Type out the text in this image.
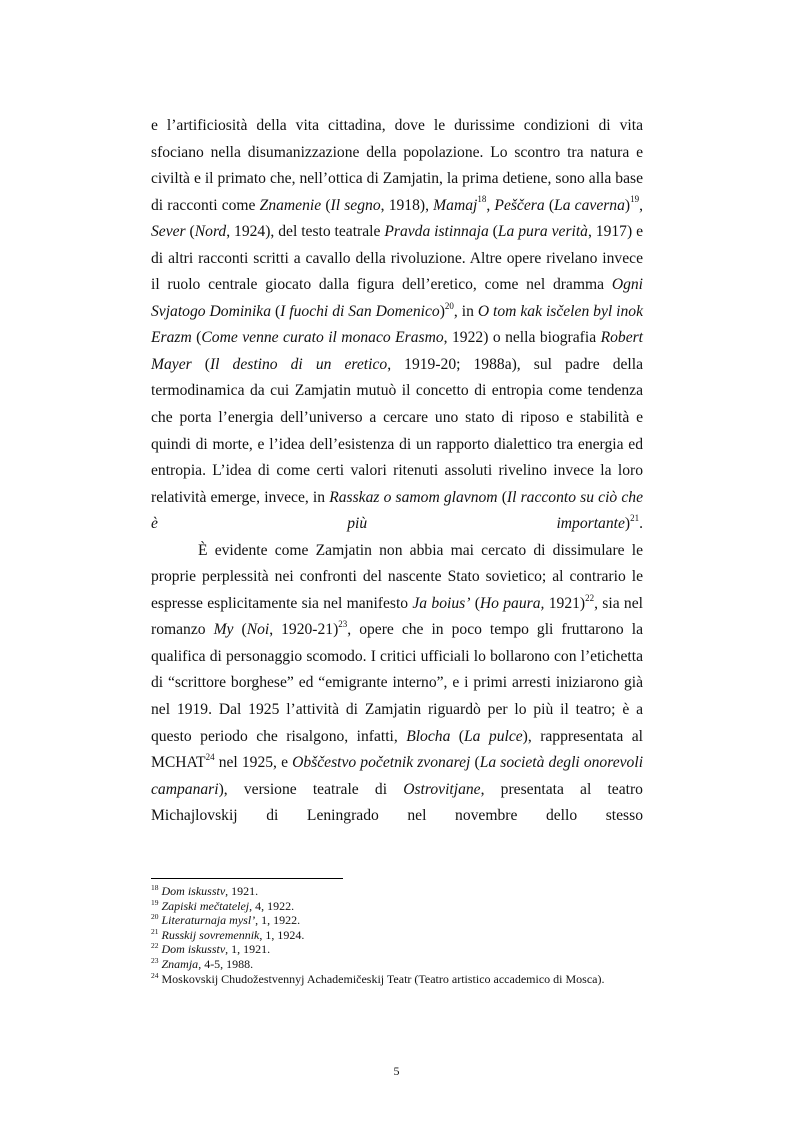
e l’artificiosità della vita cittadina, dove le durissime condizioni di vita sfociano nella disumanizzazione della popolazione. Lo scontro tra natura e civiltà e il primato che, nell’ottica di Zamjatin, la prima detiene, sono alla base di racconti come Znamenie (Il segno, 1918), Mamaj$^{18}$, Peščera (La caverna)$^{19}$, Sever (Nord, 1924), del testo teatrale Pravda istinnaja (La pura verità, 1917) e di altri racconti scritti a cavallo della rivoluzione. Altre opere rivelano invece il ruolo centrale giocato dalla figura dell’eretico, come nel dramma Ogni Svjatogo Dominika (I fuochi di San Domenico)$^{20}$, in O tom kak isčelen byl inok Erazm (Come venne curato il monaco Erasmo, 1922) o nella biografia Robert Mayer (Il destino di un eretico, 1919-20; 1988a), sul padre della termodinamica da cui Zamjatin mutuò il concetto di entropia come tendenza che porta l’energia dell’universo a cercare uno stato di riposo e stabilità e quindi di morte, e l’idea dell’esistenza di un rapporto dialettico tra energia ed entropia. L’idea di come certi valori ritenuti assoluti rivelino invece la loro relatività emerge, invece, in Rasskaz o samom glavnom (Il racconto su ciò che è più importante)$^{21}$.

È evidente come Zamjatin non abbia mai cercato di dissimulare le proprie perplessità nei confronti del nascente Stato sovietico; al contrario le espresse esplicitamente sia nel manifesto Ja boius’ (Ho paura, 1921)$^{22}$, sia nel romanzo My (Noi, 1920-21)$^{23}$, opere che in poco tempo gli fruttarono la qualifica di personaggio scomodo. I critici ufficiali lo bollarono con l’etichetta di “scrittore borghese” ed “emigrante interno”, e i primi arresti iniziarono già nel 1919. Dal 1925 l’attività di Zamjatin riguardò per lo più il teatro; è a questo periodo che risalgono, infatti, Blocha (La pulce), rappresentata al MCHAT$^{24}$ nel 1925, e Obščestvo početnik zvonarej (La società degli onorevoli campanari), versione teatrale di Ostrovitjane, presentata al teatro Michajlovskij di Leningrado nel novembre dello stesso

$^{18}$ Dom iskusstv, 1921.

$^{19}$ Zapiski mečtatelej, 4, 1922.

$^{20}$ Literaturnaja mysl’, 1, 1922.

$^{21}$ Russkij sovremennik, 1, 1924.

$^{22}$ Dom iskusstv, 1, 1921.

$^{23}$ Znamja, 4-5, 1988.

$^{24}$ Moskovskij Chudožestvennyj Achademičeskij Teatr (Teatro artistico accademico di Mosca).

5
